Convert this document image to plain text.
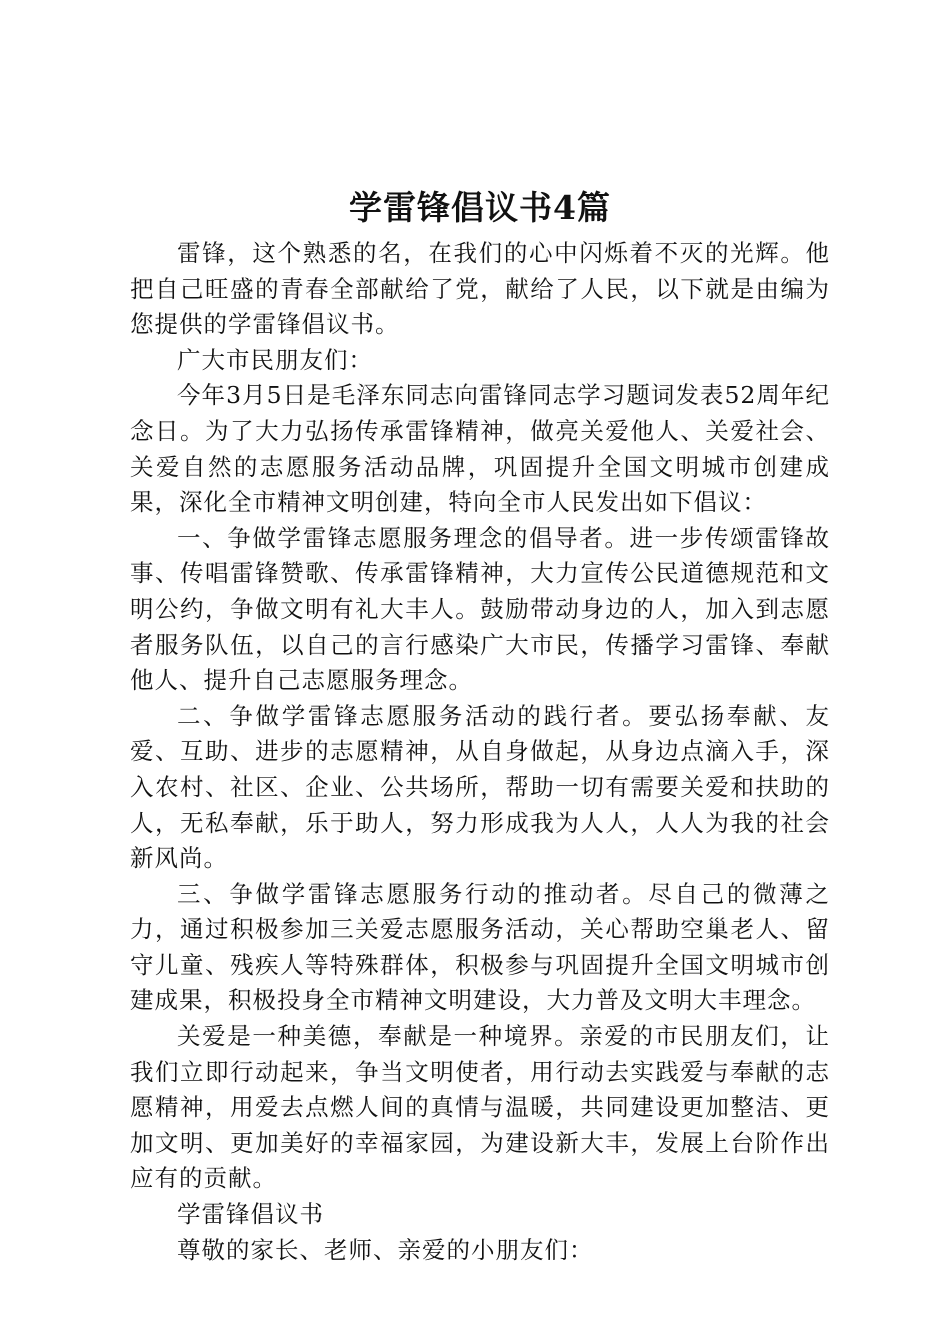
学雷锋倡议书4篇

雷锋，这个熟悉的名，在我们的心中闪烁着不灭的光辉。他把自己旺盛的青春全部献给了党，献给了人民，以下就是由编为您提供的学雷锋倡议书。

广大市民朋友们：

今年3月5日是毛泽东同志向雷锋同志学习题词发表52周年纪念日。为了大力弘扬传承雷锋精神，做亮关爱他人、关爱社会、关爱自然的志愿服务活动品牌，巩固提升全国文明城市创建成果，深化全市精神文明创建，特向全市人民发出如下倡议：

一、争做学雷锋志愿服务理念的倡导者。进一步传颂雷锋故事、传唱雷锋赞歌、传承雷锋精神，大力宣传公民道德规范和文明公约，争做文明有礼大丰人。鼓励带动身边的人，加入到志愿者服务队伍，以自己的言行感染广大市民，传播学习雷锋、奉献他人、提升自己志愿服务理念。

二、争做学雷锋志愿服务活动的践行者。要弘扬奉献、友爱、互助、进步的志愿精神，从自身做起，从身边点滴入手，深入农村、社区、企业、公共场所，帮助一切有需要关爱和扶助的人，无私奉献，乐于助人，努力形成我为人人，人人为我的社会新风尚。

三、争做学雷锋志愿服务行动的推动者。尽自己的微薄之力，通过积极参加三关爱志愿服务活动，关心帮助空巢老人、留守儿童、残疾人等特殊群体，积极参与巩固提升全国文明城市创建成果，积极投身全市精神文明建设，大力普及文明大丰理念。

关爱是一种美德，奉献是一种境界。亲爱的市民朋友们，让我们立即行动起来，争当文明使者，用行动去实践爱与奉献的志愿精神，用爱去点燃人间的真情与温暖，共同建设更加整洁、更加文明、更加美好的幸福家园，为建设新大丰，发展上台阶作出应有的贡献。

学雷锋倡议书

尊敬的家长、老师、亲爱的小朋友们：
